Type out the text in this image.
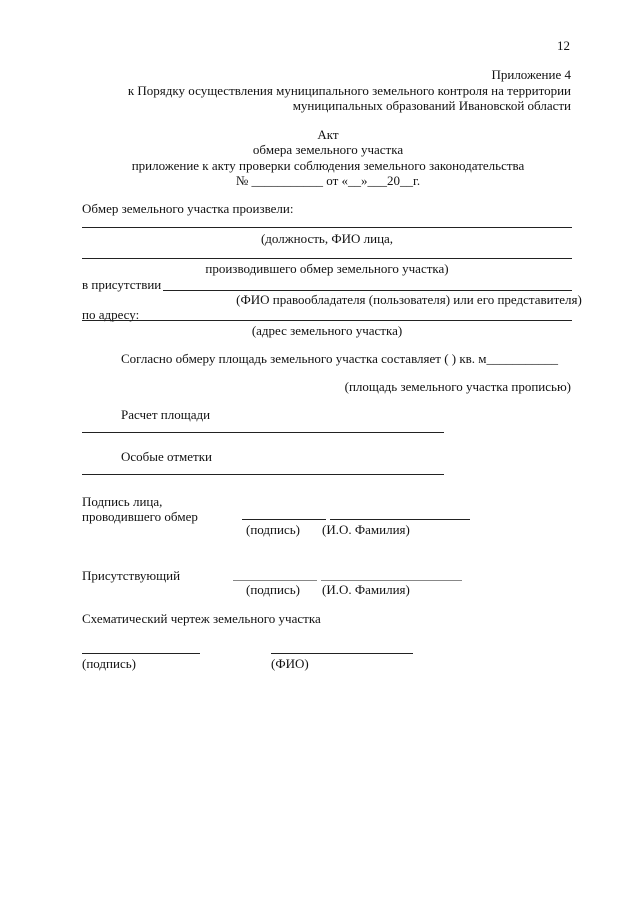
12
Приложение 4
к Порядку осуществления муниципального земельного контроля на территории
муниципальных образований Ивановской области
Акт
обмера земельного участка
приложение к акту проверки соблюдения земельного законодательства
№ ___________ от «__»___20__г.
Обмер земельного участка произвели:
(должность, ФИО лица,
производившего обмер земельного участка)
в присутствии
(ФИО правообладателя (пользователя) или его представителя)
по адресу:
(адрес земельного участка)
Согласно обмеру площадь земельного участка составляет ( ) кв. м___________
(площадь земельного участка прописью)
Расчет площади
Особые отметки
Подпись лица,
проводившего обмер
(подпись) (И.О. Фамилия)
Присутствующий
(подпись) (И.О. Фамилия)
Схематический чертеж земельного участка
(подпись)	(ФИО)
